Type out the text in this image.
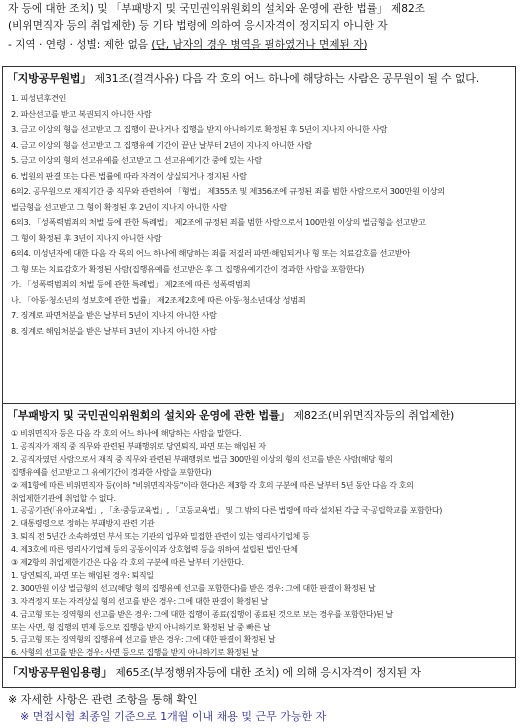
자 등에 대한 조치) 및 「부패방지 및 국민권익위원회의 설치와 운영에 관한 법률」 제82조
(비위면직자 등의 취업제한) 등 기타 법령에 의하여 응시자격이 정지되지 아니한 자
- 지역 · 연령 · 성별: 제한 없음 (단, 남자의 경우 병역을 필하였거나 면제된 자)
「지방공무원법」 제31조(결격사유) 다음 각 호의 어느 하나에 해당하는 사람은 공무원이 될 수 없다.
1. 피성년후견인
2. 파산선고를 받고 복권되지 아니한 사람
3. 금고 이상의 형을 선고받고 그 집행이 끝나거나 집행을 받지 아니하기로 확정된 후 5년이 지나지 아니한 사람
4. 금고 이상의 형을 선고받고 그 집행유예 기간이 끝난 날부터 2년이 지나지 아니한 사람
5. 금고 이상의 형의 선고유예를 선고받고 그 선고유예기간 중에 있는 사람
6. 법원의 판결 또는 다른 법률에 따라 자격이 상실되거나 정지된 사람
6의2. 공무원으로 재직기간 중 직무와 관련하여 「형법」 제355조 및 제356조에 규정된 죄를 범한 사람으로서 300만원 이상의
벌금형을 선고받고 그 형이 확정된 후 2년이 지나지 아니한 사람
6의3. 「성폭력범죄의 처벌 등에 관한 특례법」 제2조에 규정된 죄를 범한 사람으로서 100만원 이상의 벌금형을 선고받고
그 형이 확정된 후 3년이 지나지 아니한 사람
6의4. 미성년자에 대한 다음 각 목의 어느 하나에 해당하는 죄를 저질러 파면·해임되거나 형 또는 치료감호를 선고받아
그 형 또는 치료감호가 확정된 사람(집행유예를 선고받은 후 그 집행유예기간이 경과한 사람을 포함한다)
가. 「성폭력범죄의 처벌 등에 관한 특례법」 제2조에 따른 성폭력범죄
나. 「아동·청소년의 성보호에 관한 법률」 제2조제2호에 따른 아동·청소년대상 성범죄
7. 징계로 파면처분을 받은 날부터 5년이 지나지 아니한 사람
8. 징계로 해임처분을 받은 날부터 3년이 지나지 아니한 사람
「부패방지 및 국민권익위원회의 설치와 운영에 관한 법률」 제82조(비위면직자등의 취업제한)
① 비위면직자 등은 다음 각 호의 어느 하나에 해당하는 사람을 말한다.
1. 공직자가 재직 중 직무와 관련된 부패행위로 당연퇴직, 파면 또는 해임된 자
2. 공직자였던 사람으로서 재직 중 직무와 관련된 부패행위로 벌금 300만원 이상의 형의 선고를 받은 사람(해당 형의
집행유예를 선고받고 그 유예기간이 경과한 사람을 포함한다)
② 제1항에 따른 비위면직자 등(이하 "비위면직자등"이라 한다)은 제3항 각 호의 구분에 따른 날부터 5년 동안 다음 각 호의
취업제한기관에 취업할 수 없다.
1. 공공기관(「유아교육법」, 「초·중등교육법」, 「고등교육법」 및 그 밖의 다른 법령에 따라 설치된 각급 국·공립학교를 포함한다)
2. 대통령령으로 정하는 부패방지 관련 기관
3. 퇴직 전 5년간 소속하였던 부서 또는 기관의 업무와 밀접한 관련이 있는 영리사기업체 등
4. 제3호에 따른 영리사기업체 등의 공동이익과 상호협력 등을 위하여 설립된 법인·단체
③ 제2항의 취업제한기간은 다음 각 호의 구분에 따른 날부터 기산한다.
1. 당연퇴직, 파면 또는 해임된 경우: 퇴직일
2. 300만원 이상 벌금형의 선고(해당 형의 집행유예 선고를 포함한다)를 받은 경우: 그에 대한 판결이 확정된 날
3. 자격정지 또는 자격상실 형의 선고를 받은 경우: 그에 대한 판결이 확정된 날
4. 금고형 또는 징역형의 선고를 받은 경우: 그에 대한 집행이 종료(집행이 종료된 것으로 보는 경우를 포함한다)된 날
또는 사면, 형 집행의 면제 등으로 집행을 받지 아니하기로 확정된 날 중 빠른 날
5. 금고형 또는 징역형의 집행유예 선고를 받은 경우: 그에 대한 판결이 확정된 날
6. 사형의 선고를 받은 경우: 사면 등으로 집행을 받지 아니하기로 확정된 날
「지방공무원임용령」 제65조(부정행위자등에 대한 조치) 에 의해 응시자격이 정지된 자
※ 자세한 사항은 관련 조항을 통해 확인
※ 면접시험 최종일 기준으로 1개월 이내 채용 및 근무 가능한 자
